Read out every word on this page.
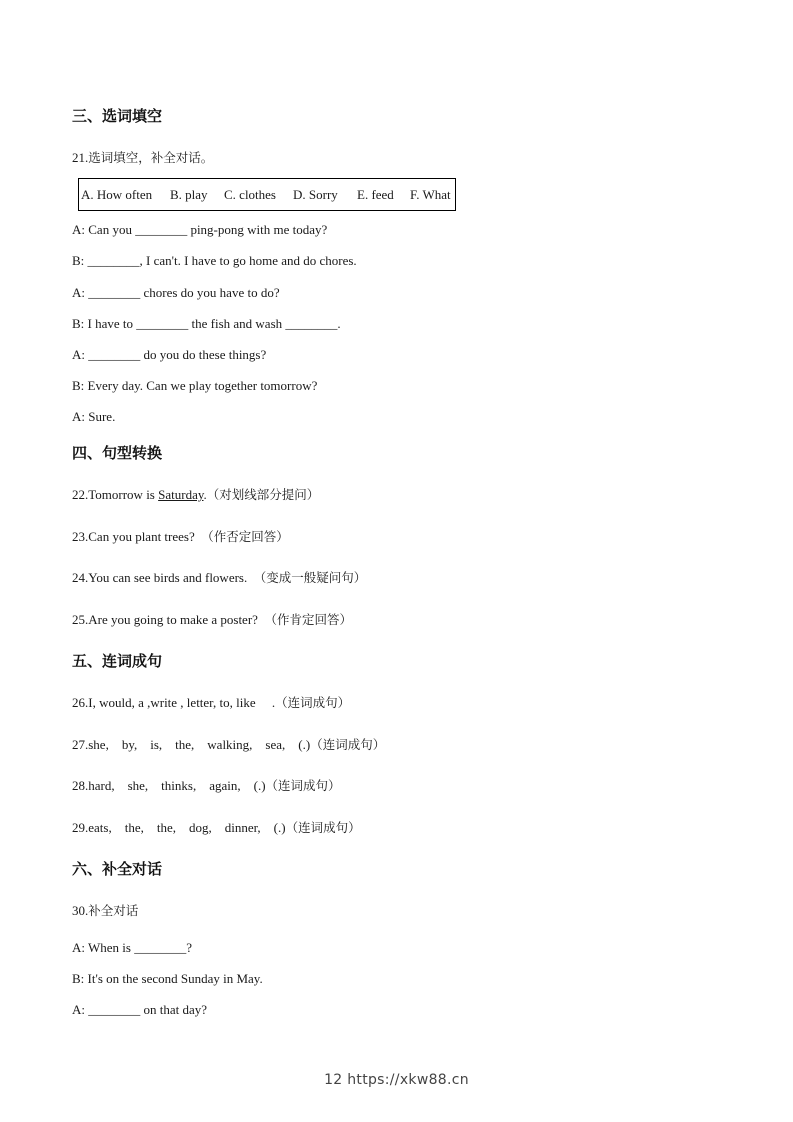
三、选词填空
21.选词填空，补全对话。
A. How often B. play C. clothes D. Sorry E. feed F. What
A: Can you ________ ping-pong with me today?
B: ________, I can't. I have to go home and do chores.
A: ________ chores do you have to do?
B: I have to ________ the fish and wash ________.
A: ________ do you do these things?
B: Every day. Can we play together tomorrow?
A: Sure.
四、句型转换
22.Tomorrow is Saturday.（对划线部分提问）
23.Can you plant trees? （作否定回答）
24.You can see birds and flowers. （变成一般疑问句）
25.Are you going to make a poster? （作肯定回答）
五、连词成句
26.I, would, a ,write , letter, to, like     .（连词成句）
27.she,    by,    is,    the,    walking,    sea,    (.)（连词成句）
28.hard,    she,    thinks,    again,    (.)（连词成句）
29.eats,    the,    the,    dog,    dinner,    (.)（连词成句）
六、补全对话
30.补全对话
A: When is ________?
B: It's on the second Sunday in May.
A: ________ on that day?
12 https://xkw88.cn
